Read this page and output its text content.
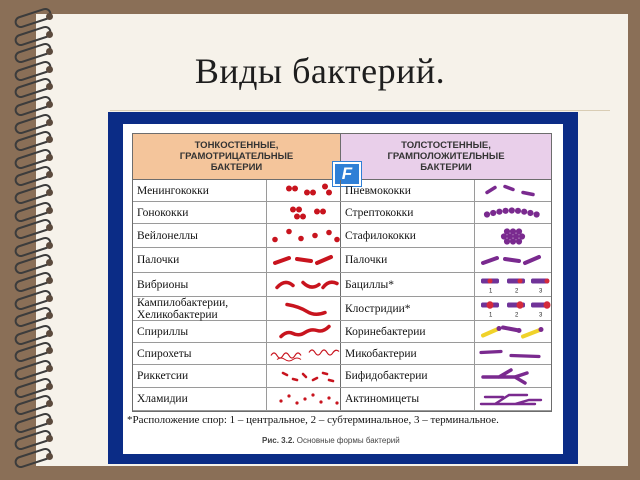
Виды бактерий.
ТОНКОСТЕННЫЕ,
ГРАМОТРИЦАТЕЛЬНЫЕ
БАКТЕРИИ
ТОЛСТОСТЕННЫЕ,
ГРАМПОЛОЖИТЕЛЬНЫЕ
БАКТЕРИИ
F
Менингококки	Пневмококки
Гонококки	Стрептококки
Вейлонеллы	Стафилококки
Палочки	Палочки
Вибрионы	Бациллы*
1	2	3
Кампилобактерии,
Хеликобактерии	Клостридии*
1	2	3
Спириллы	Коринебактерии
Спирохеты	Микобактерии
Риккетсии	Бифидобактерии
Хламидии	Актиномицеты
*Расположение спор: 1 – центральное, 2 – субтерминальное, 3 – терминальное.
Рис. 3.2. Основные формы бактерий
